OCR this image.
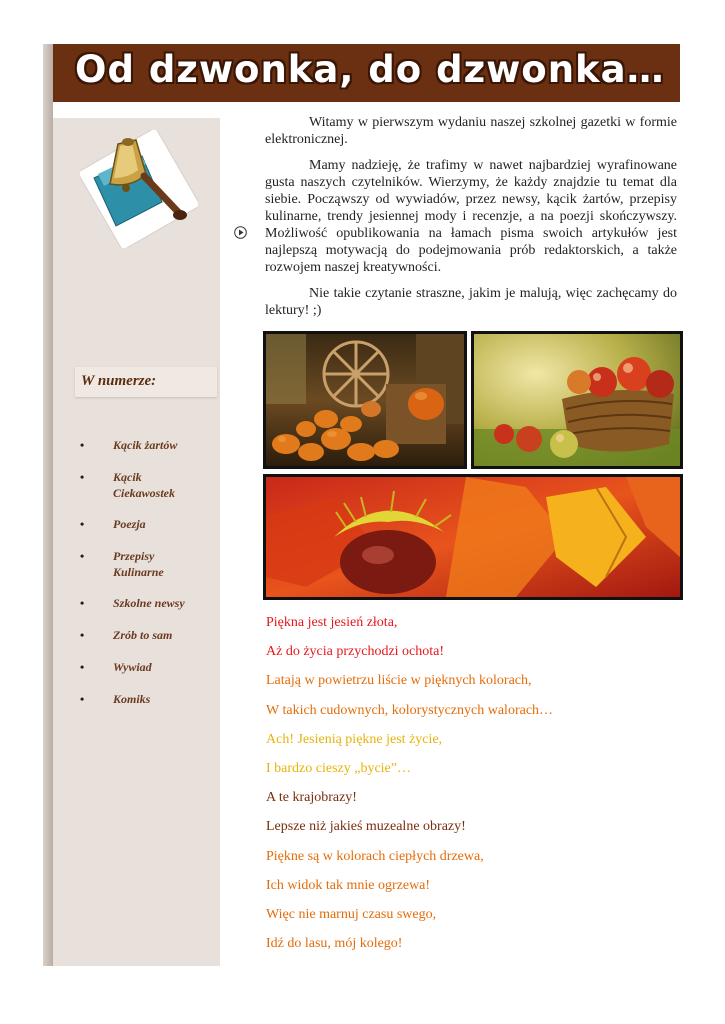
Od dzwonka, do dzwonka…
W numerze:
• Kącik żartów
• Kącik Ciekawostek
• Poezja
• Przepisy Kulinarne
• Szkolne newsy
• Zrób to sam
• Wywiad
• Komiks

Witamy w pierwszym wydaniu naszej szkolnej gazetki w formie elektronicznej.

Mamy nadzieję, że trafimy w nawet najbardziej wyrafinowane gusta naszych czytelników. Wierzymy, że każdy znajdzie tu temat dla siebie. Począwszy od wywiadów, przez newsy, kącik żartów, przepisy kulinarne, trendy jesiennej mody i recenzje, a na poezji skończywszy. Możliwość opublikowania na łamach pisma swoich artykułów jest najlepszą motywacją do podejmowania prób redaktorskich, a także rozwojem naszej kreatywności.

Nie takie czytanie straszne, jakim je malują, więc zachęcamy do lektury! ;)

Piękna jest jesień złota,
Aż do życia przychodzi ochota!
Latają w powietrzu liście w pięknych kolorach,
W takich cudownych, kolorystycznych walorach…
Ach! Jesienią piękne jest życie,
I bardzo cieszy „bycie”…
A te krajobrazy!
Lepsze niż jakieś muzealne obrazy!
Piękne są w kolorach ciepłych drzewa,
Ich widok tak mnie ogrzewa!
Więc nie marnuj czasu swego,
Idź do lasu, mój kolego!
